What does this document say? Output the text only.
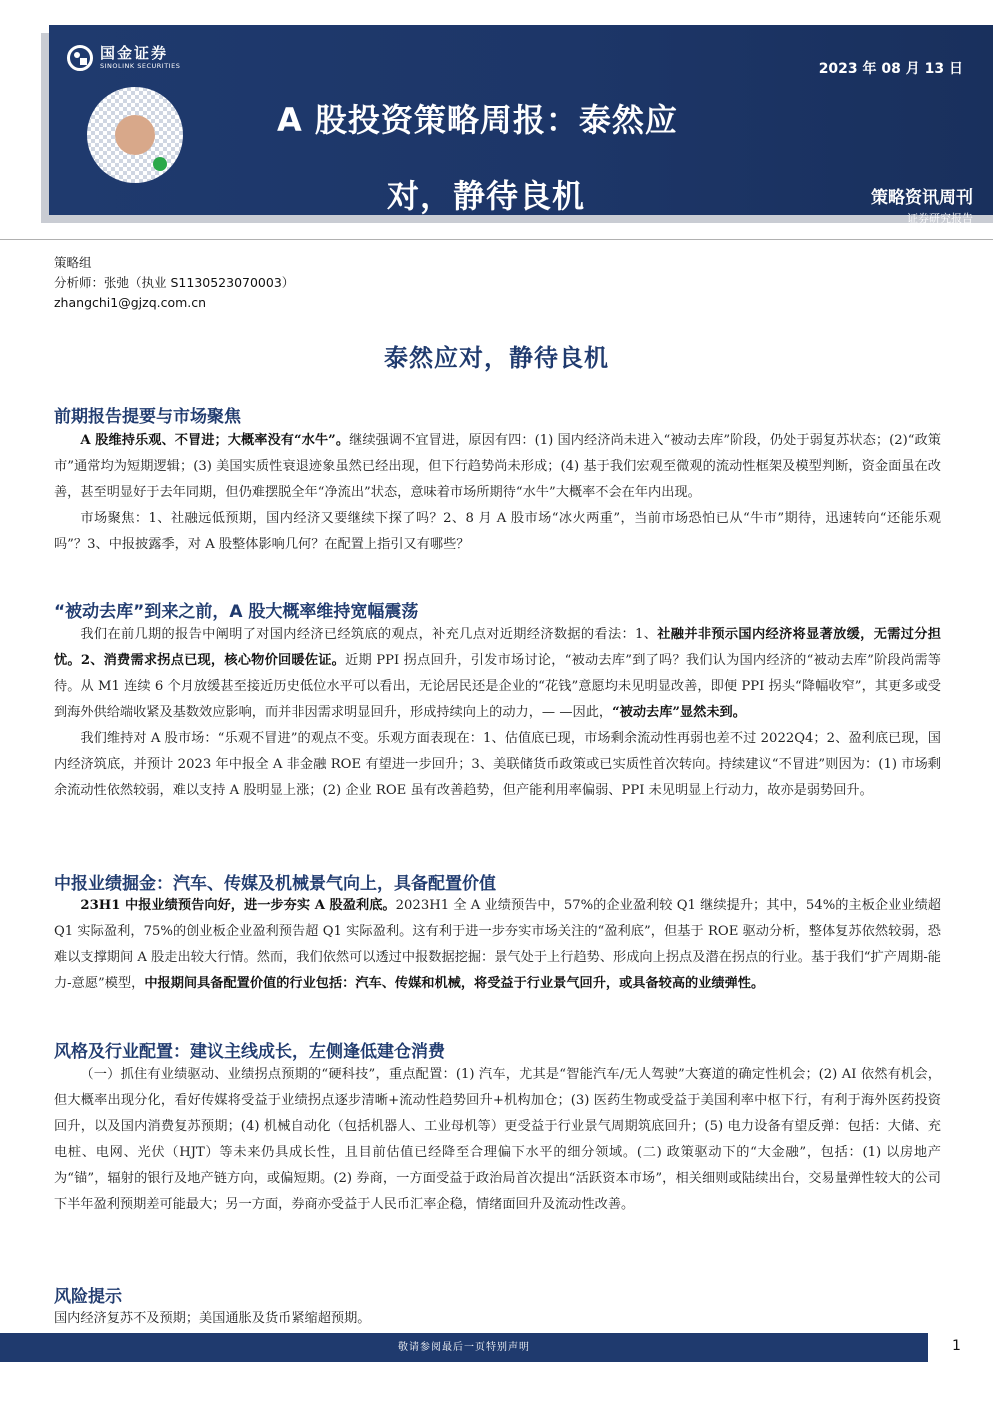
国金证券
SINOLINK SECURITIES
A 股投资策略周报：泰然应
对，静待良机
2023 年 08 月 13 日
策略资讯周刊
证券研究报告
策略组
分析师：张弛（执业 S1130523070003）
zhangchi1@gjzq.com.cn
泰然应对，静待良机
前期报告提要与市场聚焦

A 股维持乐观、不冒进；大概率没有“水牛”。继续强调不宜冒进，原因有四：(1) 国内经济尚未进入“被动去库”阶段，仍处于弱复苏状态；(2)“政策市”通常均为短期逻辑；(3) 美国实质性衰退迹象虽然已经出现，但下行趋势尚未形成；(4) 基于我们宏观至微观的流动性框架及模型判断，资金面虽在改善，甚至明显好于去年同期，但仍难摆脱全年“净流出”状态，意味着市场所期待“水牛”大概率不会在年内出现。

市场聚焦：1、社融远低预期，国内经济又要继续下探了吗？2、8 月 A 股市场“冰火两重”，当前市场恐怕已从“牛市”期待，迅速转向“还能乐观吗”？3、中报披露季，对 A 股整体影响几何？在配置上指引又有哪些？

“被动去库”到来之前，A 股大概率维持宽幅震荡

我们在前几期的报告中阐明了对国内经济已经筑底的观点，补充几点对近期经济数据的看法：1、社融并非预示国内经济将显著放缓，无需过分担忧。2、消费需求拐点已现，核心物价回暖佐证。近期 PPI 拐点回升，引发市场讨论，“被动去库”到了吗？我们认为国内经济的“被动去库”阶段尚需等待。从 M1 连续 6 个月放缓甚至接近历史低位水平可以看出，无论居民还是企业的“花钱”意愿均未见明显改善，即便 PPI 拐头“降幅收窄”，其更多或受到海外供给端收紧及基数效应影响，而并非因需求明显回升，形成持续向上的动力，— —因此，“被动去库”显然未到。

我们维持对 A 股市场：“乐观不冒进”的观点不变。乐观方面表现在：1、估值底已现，市场剩余流动性再弱也差不过 2022Q4；2、盈利底已现，国内经济筑底，并预计 2023 年中报全 A 非金融 ROE 有望进一步回升；3、美联储货币政策或已实质性首次转向。持续建议“不冒进”则因为：(1) 市场剩余流动性依然较弱，难以支持 A 股明显上涨；(2) 企业 ROE 虽有改善趋势，但产能利用率偏弱、PPI 未见明显上行动力，故亦是弱势回升。

中报业绩掘金：汽车、传媒及机械景气向上，具备配置价值

23H1 中报业绩预告向好，进一步夯实 A 股盈利底。2023H1 全 A 业绩预告中，57%的企业盈利较 Q1 继续提升；其中，54%的主板企业业绩超 Q1 实际盈利，75%的创业板企业盈利预告超 Q1 实际盈利。这有利于进一步夯实市场关注的“盈利底”，但基于 ROE 驱动分析，整体复苏依然较弱，恐难以支撑期间 A 股走出较大行情。然而，我们依然可以透过中报数据挖掘：景气处于上行趋势、形成向上拐点及潜在拐点的行业。基于我们“扩产周期-能力-意愿”模型，中报期间具备配置价值的行业包括：汽车、传媒和机械，将受益于行业景气回升，或具备较高的业绩弹性。

风格及行业配置：建议主线成长，左侧逢低建仓消费

（一）抓住有业绩驱动、业绩拐点预期的“硬科技”，重点配置：(1) 汽车，尤其是“智能汽车/无人驾驶”大赛道的确定性机会；(2) AI 依然有机会，但大概率出现分化，看好传媒将受益于业绩拐点逐步清晰+流动性趋势回升+机构加仓；(3) 医药生物或受益于美国利率中枢下行，有利于海外医药投资回升，以及国内消费复苏预期；(4) 机械自动化（包括机器人、工业母机等）更受益于行业景气周期筑底回升；(5) 电力设备有望反弹：包括：大储、充电桩、电网、光伏（HJT）等未来仍具成长性，且目前估值已经降至合理偏下水平的细分领域。(二) 政策驱动下的“大金融”，包括：(1) 以房地产为“锚”，辐射的银行及地产链方向，或偏短期。(2) 券商，一方面受益于政治局首次提出“活跃资本市场”，相关细则或陆续出台，交易量弹性较大的公司下半年盈利预期差可能最大；另一方面，券商亦受益于人民币汇率企稳，情绪面回升及流动性改善。

风险提示

国内经济复苏不及预期；美国通胀及货币紧缩超预期。

敬请参阅最后一页特别声明	1
